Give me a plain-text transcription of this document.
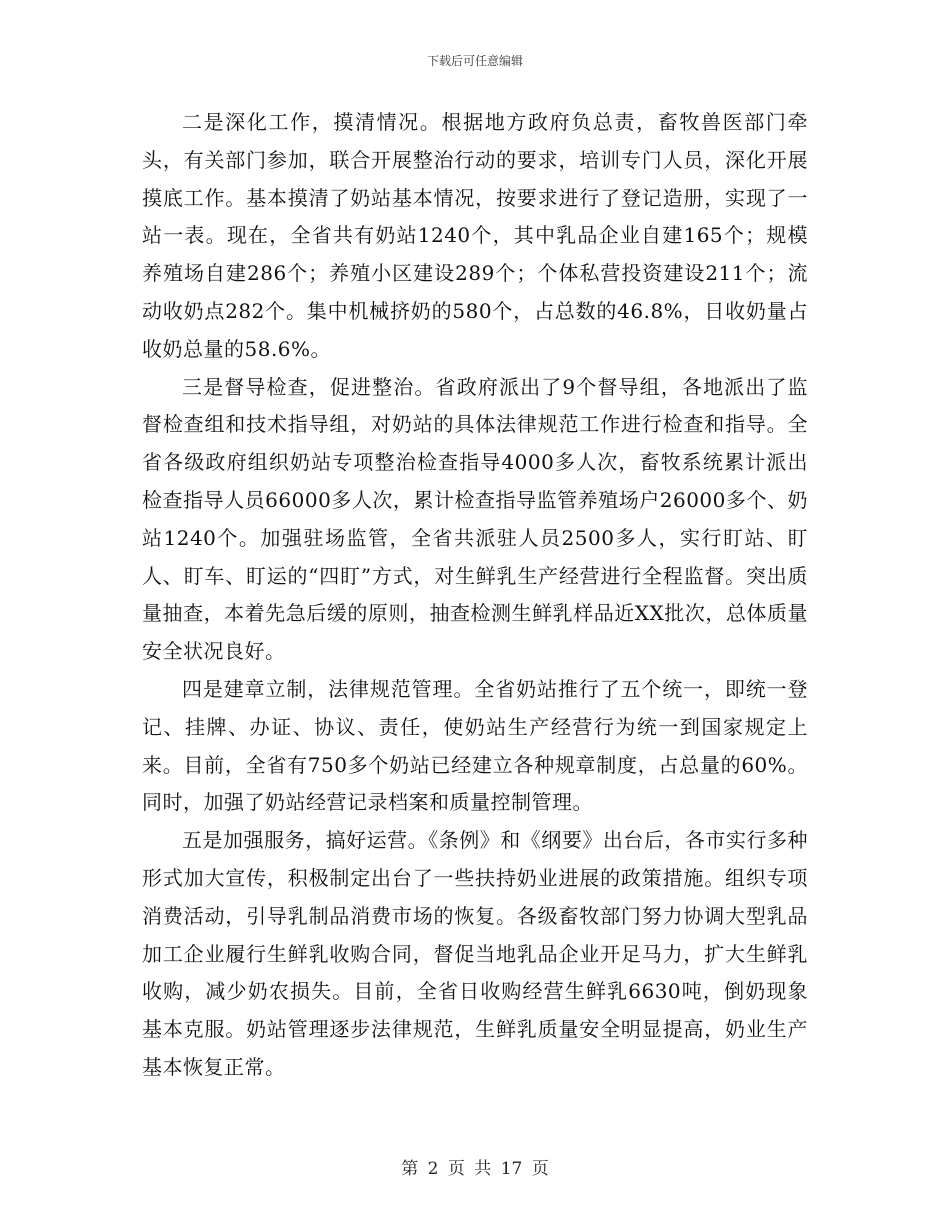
下载后可任意编辑

二是深化工作，摸清情况。根据地方政府负总责，畜牧兽医部门牵头，有关部门参加，联合开展整治行动的要求，培训专门人员，深化开展摸底工作。基本摸清了奶站基本情况，按要求进行了登记造册，实现了一站一表。现在，全省共有奶站1240个，其中乳品企业自建165个；规模养殖场自建286个；养殖小区建设289个；个体私营投资建设211个；流动收奶点282个。集中机械挤奶的580个，占总数的46.8%，日收奶量占收奶总量的58.6%。

三是督导检查，促进整治。省政府派出了9个督导组，各地派出了监督检查组和技术指导组，对奶站的具体法律规范工作进行检查和指导。全省各级政府组织奶站专项整治检查指导4000多人次，畜牧系统累计派出检查指导人员66000多人次，累计检查指导监管养殖场户26000多个、奶站1240个。加强驻场监管，全省共派驻人员2500多人，实行盯站、盯人、盯车、盯运的“四盯”方式，对生鲜乳生产经营进行全程监督。突出质量抽查，本着先急后缓的原则，抽查检测生鲜乳样品近XX批次，总体质量安全状况良好。

四是建章立制，法律规范管理。全省奶站推行了五个统一，即统一登记、挂牌、办证、协议、责任，使奶站生产经营行为统一到国家规定上来。目前，全省有750多个奶站已经建立各种规章制度，占总量的60%。同时，加强了奶站经营记录档案和质量控制管理。

五是加强服务，搞好运营。《条例》和《纲要》出台后，各市实行多种形式加大宣传，积极制定出台了一些扶持奶业进展的政策措施。组织专项消费活动，引导乳制品消费市场的恢复。各级畜牧部门努力协调大型乳品加工企业履行生鲜乳收购合同，督促当地乳品企业开足马力，扩大生鲜乳收购，减少奶农损失。目前，全省日收购经营生鲜乳6630吨，倒奶现象基本克服。奶站管理逐步法律规范，生鲜乳质量安全明显提高，奶业生产基本恢复正常。

第 2 页 共 17 页
